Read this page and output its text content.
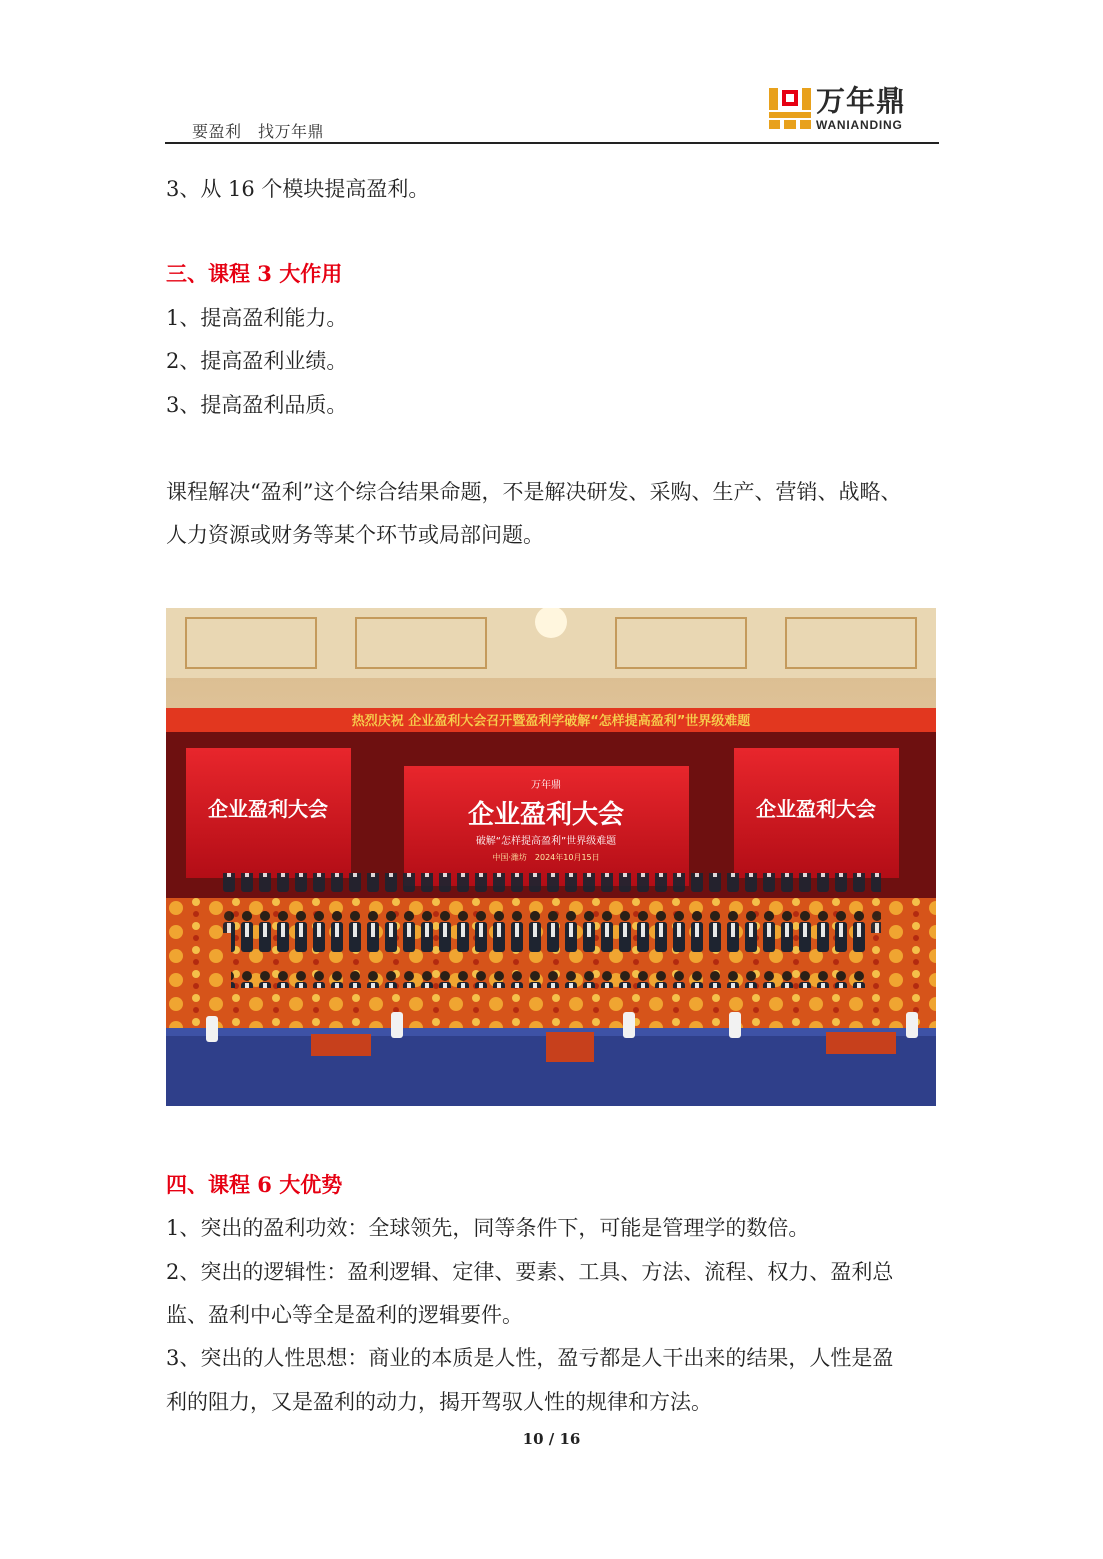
要盈利　找万年鼎
万年鼎
WANIANDING
3、从 16 个模块提高盈利。
三、课程 3 大作用
1、提高盈利能力。
2、提高盈利业绩。
3、提高盈利品质。
课程解决“盈利”这个综合结果命题，不是解决研发、采购、生产、营销、战略、
人力资源或财务等某个环节或局部问题。
热烈庆祝 企业盈利大会召开暨盈利学破解“怎样提高盈利”世界级难题
企业盈利大会
万年鼎
企业盈利大会
破解“怎样提高盈利”世界级难题
中国·潍坊　2024年10月15日
企业盈利大会
四、课程 6 大优势
1、突出的盈利功效：全球领先，同等条件下，可能是管理学的数倍。
2、突出的逻辑性：盈利逻辑、定律、要素、工具、方法、流程、权力、盈利总
监、盈利中心等全是盈利的逻辑要件。
3、突出的人性思想：商业的本质是人性，盈亏都是人干出来的结果，人性是盈
利的阻力，又是盈利的动力，揭开驾驭人性的规律和方法。
10 / 16
